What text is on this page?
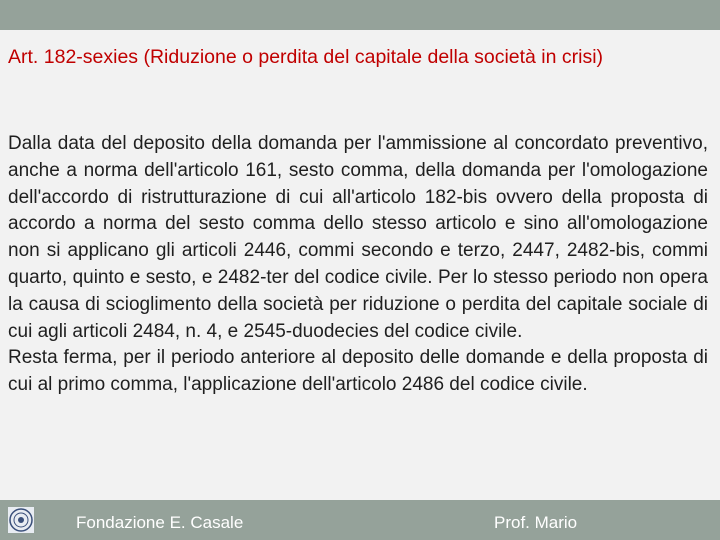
Art. 182-sexies (Riduzione o perdita del capitale della società in crisi)

Dalla data del deposito della domanda per l'ammissione al concordato preventivo, anche a norma dell'articolo 161, sesto comma, della domanda per l'omologazione dell'accordo di ristrutturazione di cui all'articolo 182-bis ovvero della proposta di accordo a norma del sesto comma dello stesso articolo e sino all'omologazione non si applicano gli articoli 2446, commi secondo e terzo, 2447, 2482-bis, commi quarto, quinto e sesto, e 2482-ter del codice civile. Per lo stesso periodo non opera la causa di scioglimento della società per riduzione o perdita del capitale sociale di cui agli articoli 2484, n. 4, e 2545-duodecies del codice civile.

Resta ferma, per il periodo anteriore al deposito delle domande e della proposta di cui al primo comma, l'applicazione dell'articolo 2486 del codice civile.

Fondazione E. Casale	Prof. Mario
